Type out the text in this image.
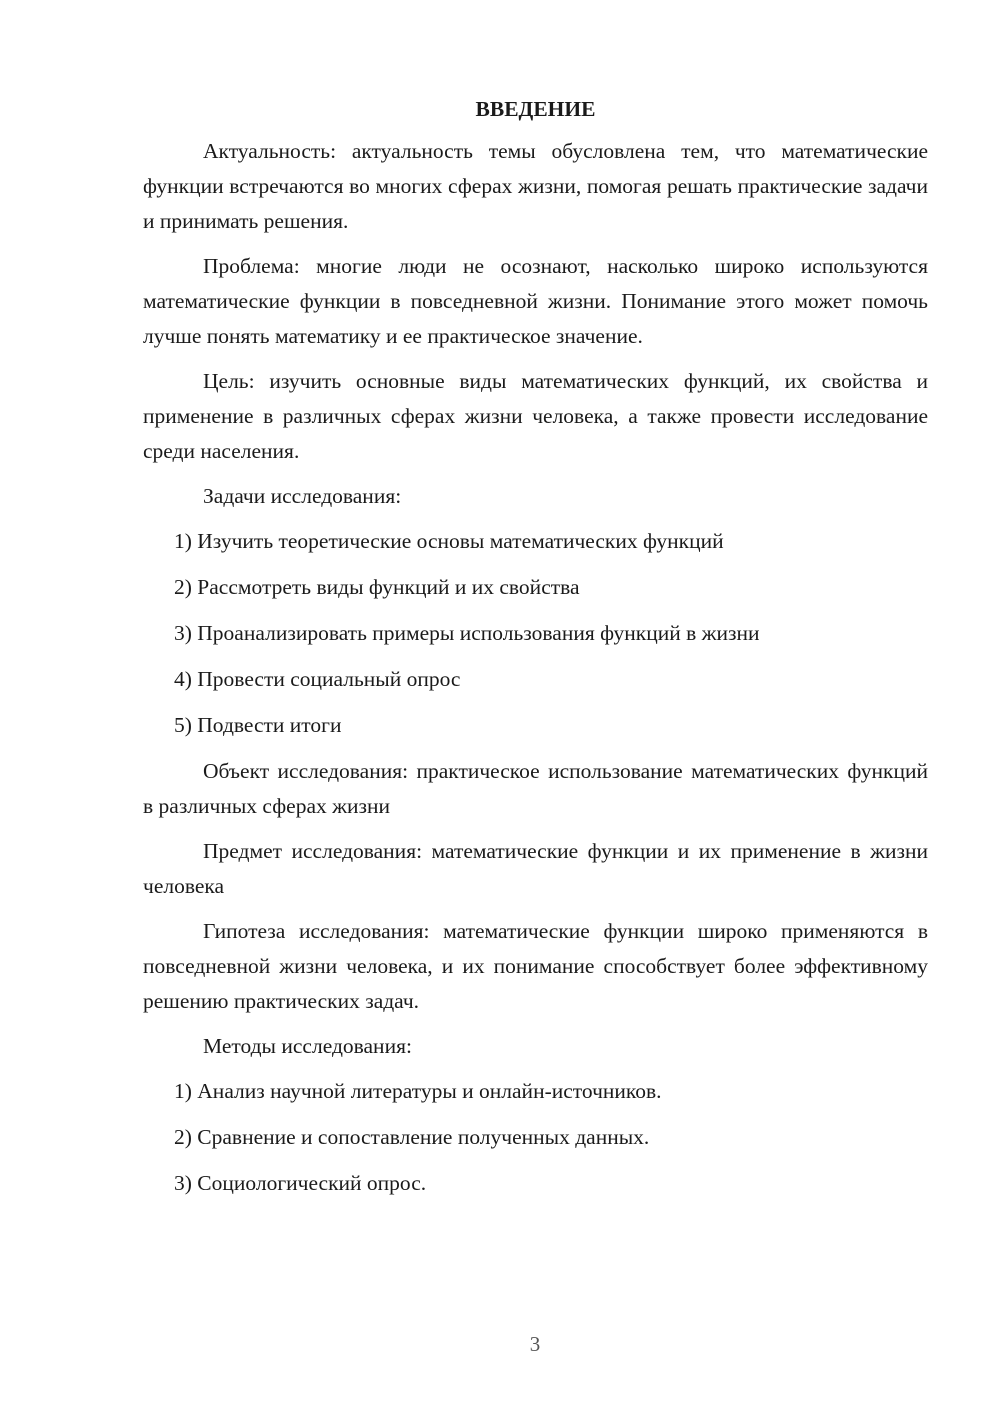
ВВЕДЕНИЕ

Актуальность: актуальность темы обусловлена тем, что математические функции встречаются во многих сферах жизни, помогая решать практические задачи и принимать решения.

Проблема: многие люди не осознают, насколько широко используются математические функции в повседневной жизни. Понимание этого может помочь лучше понять математику и ее практическое значение.

Цель: изучить основные виды математических функций, их свойства и применение в различных сферах жизни человека, а также провести исследование среди населения.

Задачи исследования:

1) Изучить теоретические основы математических функций
2) Рассмотреть виды функций и их свойства
3) Проанализировать примеры использования функций в жизни
4) Провести социальный опрос
5) Подвести итоги

Объект исследования: практическое использование математических функций в различных сферах жизни

Предмет исследования: математические функции и их применение в жизни человека

Гипотеза исследования: математические функции широко применяются в повседневной жизни человека, и их понимание способствует более эффективному решению практических задач.

Методы исследования:

1) Анализ научной литературы и онлайн-источников.
2) Сравнение и сопоставление полученных данных.
3) Социологический опрос.
3
